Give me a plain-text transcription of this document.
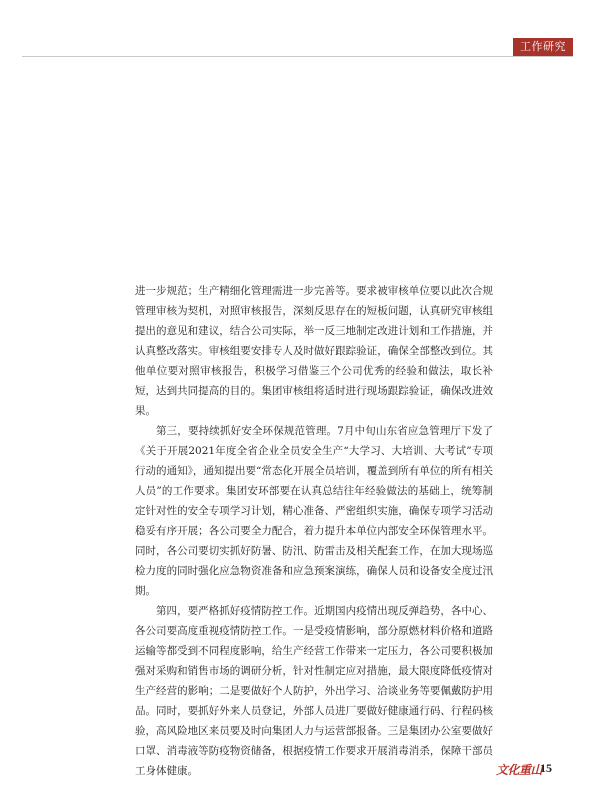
工作研究

进一步规范；生产精细化管理需进一步完善等。要求被审核单位要以此次合规管理审核为契机，对照审核报告，深刻反思存在的短板问题，认真研究审核组提出的意见和建议，结合公司实际，举一反三地制定改进计划和工作措施，并认真整改落实。审核组要安排专人及时做好跟踪验证，确保全部整改到位。其他单位要对照审核报告，积极学习借鉴三个公司优秀的经验和做法，取长补短，达到共同提高的目的。集团审核组将适时进行现场跟踪验证，确保改进效果。

第三，要持续抓好安全环保规范管理。7月中旬山东省应急管理厅下发了《关于开展2021年度全省企业全员安全生产“大学习、大培训、大考试”专项行动的通知》，通知提出要“常态化开展全员培训，覆盖到所有单位的所有相关人员”的工作要求。集团安环部要在认真总结往年经验做法的基础上，统筹制定针对性的安全专项学习计划，精心准备、严密组织实施，确保专项学习活动稳妥有序开展；各公司要全力配合，着力提升本单位内部安全环保管理水平。同时，各公司要切实抓好防暑、防汛、防雷击及相关配套工作，在加大现场巡检力度的同时强化应急物资准备和应急预案演练，确保人员和设备安全度过汛期。

第四，要严格抓好疫情防控工作。近期国内疫情出现反弹趋势，各中心、各公司要高度重视疫情防控工作。一是受疫情影响，部分原燃材料价格和道路运输等都受到不同程度影响，给生产经营工作带来一定压力，各公司要积极加强对采购和销售市场的调研分析，针对性制定应对措施，最大限度降低疫情对生产经营的影响；二是要做好个人防护，外出学习、洽谈业务等要佩戴防护用品。同时，要抓好外来人员登记，外部人员进厂要做好健康通行码、行程码核验，高风险地区来员要及时向集团人力与运营部报备。三是集团办公室要做好口罩、消毒液等防疫物资储备，根据疫情工作要求开展消毒消杀，保障干部员工身体健康。	文化重山
15
